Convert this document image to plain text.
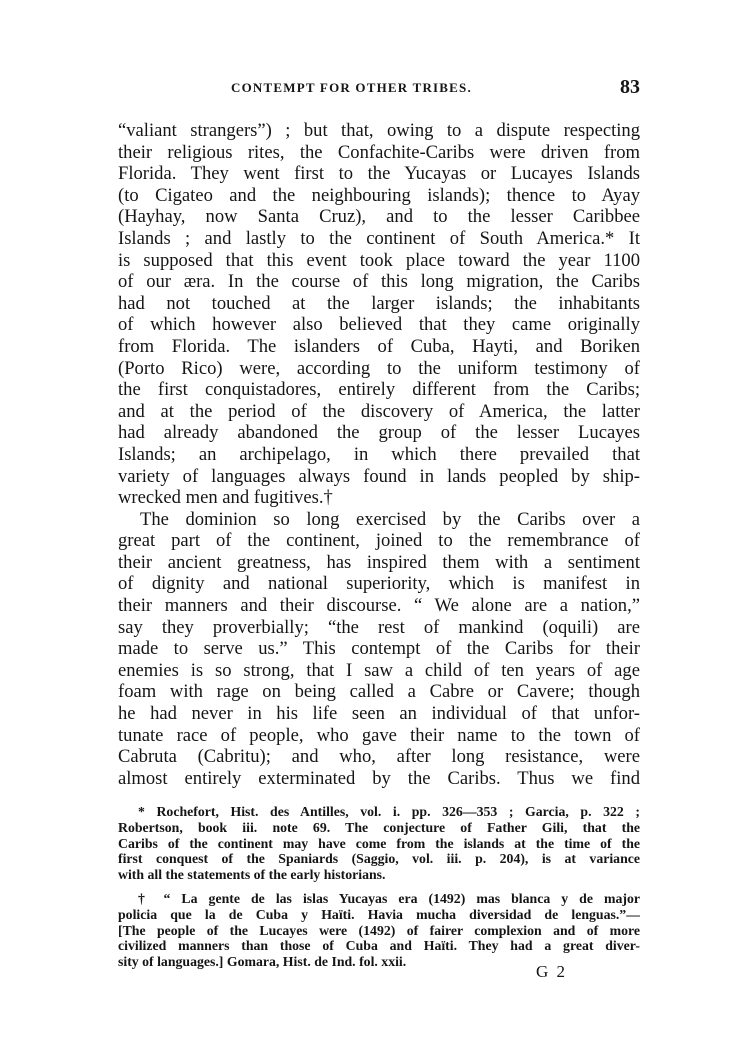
CONTEMPT FOR OTHER TRIBES.	83

“valiant strangers”) ; but that, owing to a dispute respecting
their religious rites, the Confachite-Caribs were driven from
Florida. They went first to the Yucayas or Lucayes Islands
(to Cigateo and the neighbouring islands); thence to Ayay
(Hayhay, now Santa Cruz), and to the lesser Caribbee
Islands ; and lastly to the continent of South America.* It
is supposed that this event took place toward the year 1100
of our æra. In the course of this long migration, the Caribs
had not touched at the larger islands; the inhabitants
of which however also believed that they came originally
from Florida. The islanders of Cuba, Hayti, and Boriken
(Porto Rico) were, according to the uniform testimony of
the first conquistadores, entirely different from the Caribs;
and at the period of the discovery of America, the latter
had already abandoned the group of the lesser Lucayes
Islands; an archipelago, in which there prevailed that
variety of languages always found in lands peopled by ship-
wrecked men and fugitives.†

The dominion so long exercised by the Caribs over a
great part of the continent, joined to the remembrance of
their ancient greatness, has inspired them with a sentiment
of dignity and national superiority, which is manifest in
their manners and their discourse. “ We alone are a nation,”
say they proverbially; “the rest of mankind (oquili) are
made to serve us.” This contempt of the Caribs for their
enemies is so strong, that I saw a child of ten years of age
foam with rage on being called a Cabre or Cavere; though
he had never in his life seen an individual of that unfor-
tunate race of people, who gave their name to the town of
Cabruta (Cabritu); and who, after long resistance, were
almost entirely exterminated by the Caribs. Thus we find

* Rochefort, Hist. des Antilles, vol. i. pp. 326—353 ; Garcia, p. 322 ;
Robertson, book iii. note 69. The conjecture of Father Gili, that the
Caribs of the continent may have come from the islands at the time of the
first conquest of the Spaniards (Saggio, vol. iii. p. 204), is at variance
with all the statements of the early historians.
† “ La gente de las islas Yucayas era (1492) mas blanca y de major
policia que la de Cuba y Haïti. Havia mucha diversidad de lenguas.”—
[The people of the Lucayes were (1492) of fairer complexion and of more
civilized manners than those of Cuba and Haïti. They had a great diver-
sity of languages.] Gomara, Hist. de Ind. fol. xxii.
G 2
